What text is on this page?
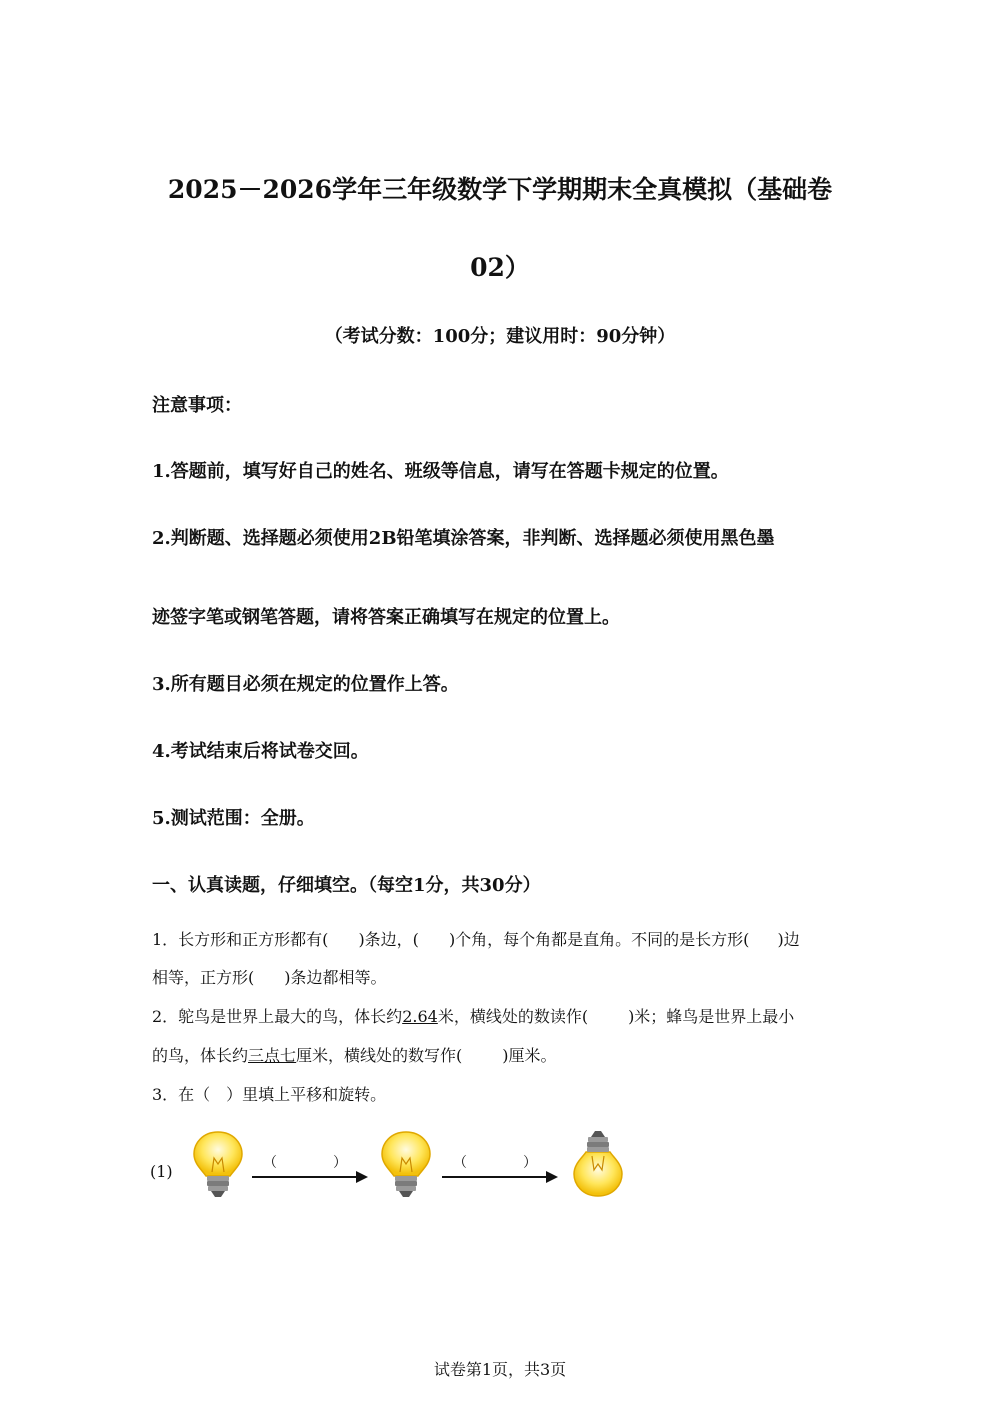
2025－2026学年三年级数学下学期期末全真模拟（基础卷
02）
（考试分数：100分；建议用时：90分钟）
注意事项：
1.答题前，填写好自己的姓名、班级等信息，请写在答题卡规定的位置。
2.判断题、选择题必须使用2B铅笔填涂答案，非判断、选择题必须使用黑色墨
迹签字笔或钢笔答题，请将答案正确填写在规定的位置上。
3.所有题目必须在规定的位置作上答。
4.考试结束后将试卷交回。
5.测试范围：全册。
一、认真读题，仔细填空。（每空1分，共30分）
1．长方形和正方形都有( )条边，( )个角，每个角都是直角。不同的是长方形( )边
相等，正方形( )条边都相等。
2．鸵鸟是世界上最大的鸟，体长约2.64米，横线处的数读作(	)米；蜂鸟是世界上最小
的鸟，体长约三点七厘米，横线处的数写作(	)厘米。
3．在（　）里填上平移和旋转。
(1)	（　　　　）	（　　　　）
试卷第1页，共3页
